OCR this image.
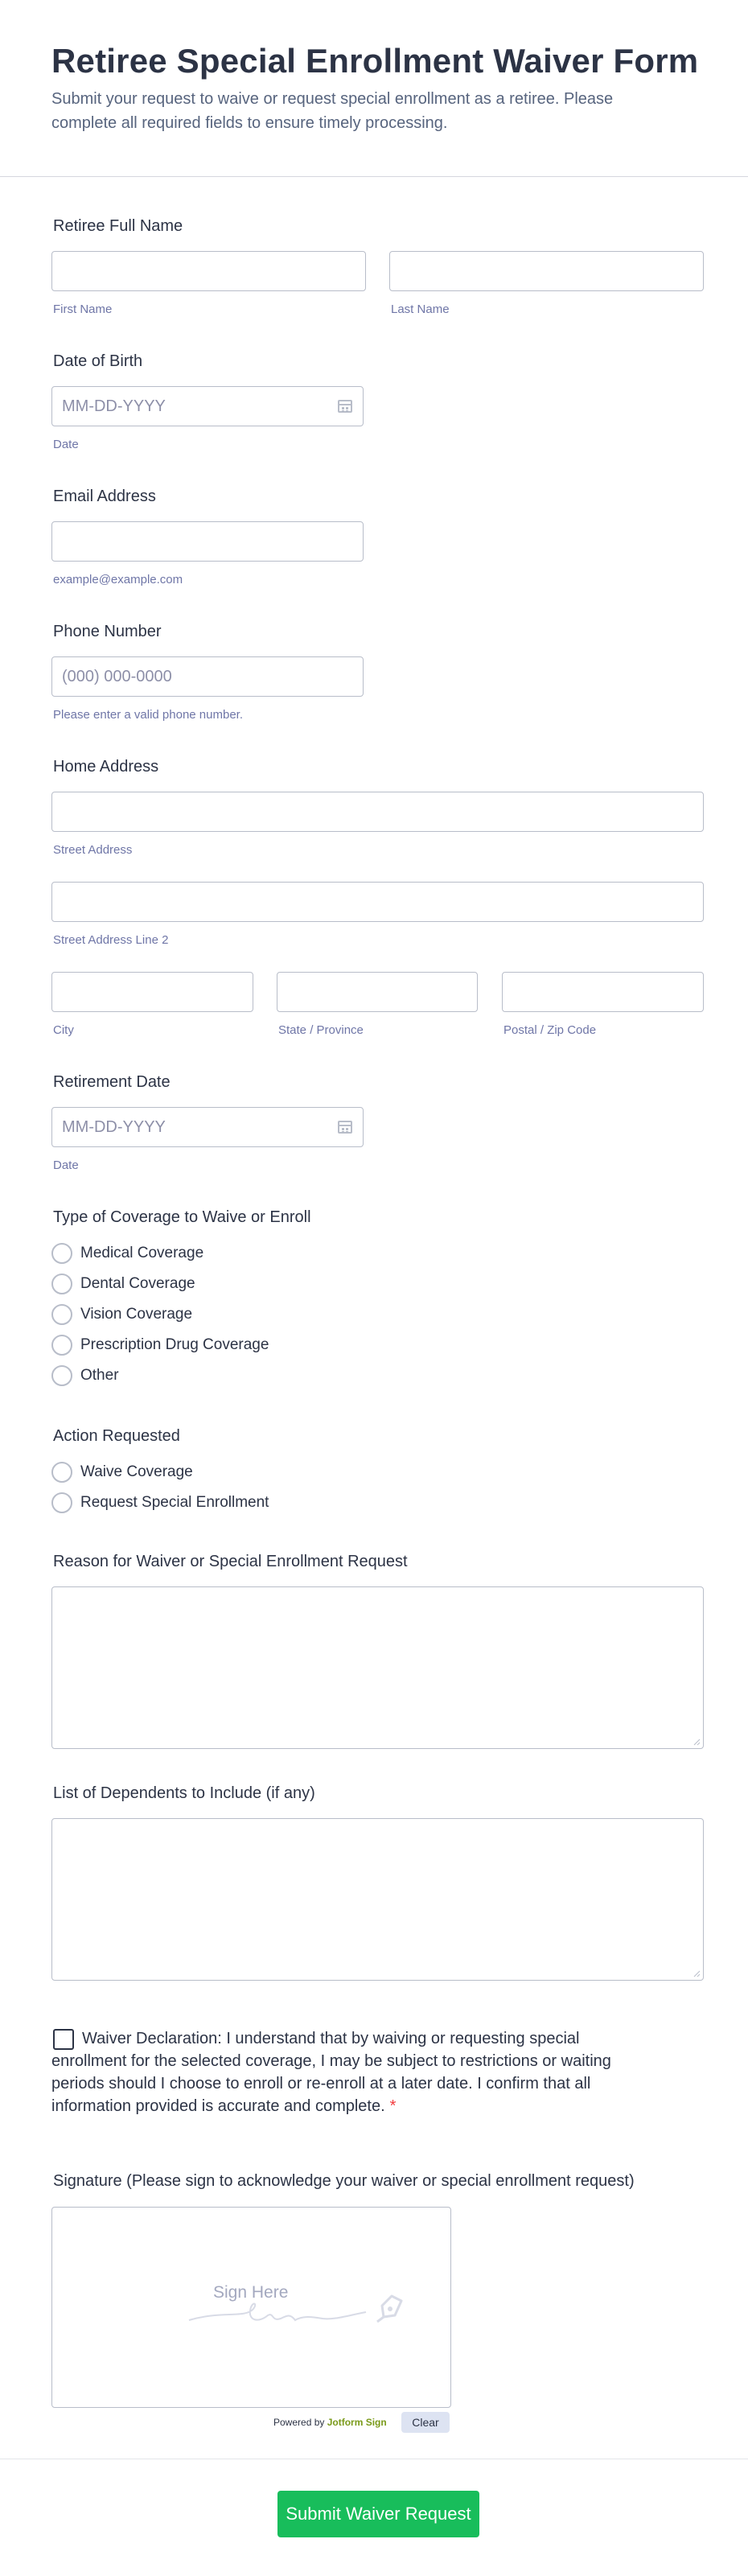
Retiree Special Enrollment Waiver Form

Submit your request to waive or request special enrollment as a retiree. Please complete all required fields to ensure timely processing.

Retiree Full Name
First Name	Last Name
Date of Birth
MM-DD-YYYY
Date
Email Address
example@example.com
Phone Number
(000) 000-0000
Please enter a valid phone number.
Home Address
Street Address
Street Address Line 2
City	State / Province	Postal / Zip Code
Retirement Date
MM-DD-YYYY
Date
Type of Coverage to Waive or Enroll
Medical Coverage
Dental Coverage
Vision Coverage
Prescription Drug Coverage
Other
Action Requested
Waive Coverage
Request Special Enrollment
Reason for Waiver or Special Enrollment Request
List of Dependents to Include (if any)

Waiver Declaration: I understand that by waiving or requesting special enrollment for the selected coverage, I may be subject to restrictions or waiting periods should I choose to enroll or re-enroll at a later date. I confirm that all information provided is accurate and complete. *

Signature (Please sign to acknowledge your waiver or special enrollment request)
Sign Here
Powered by Jotform Sign	Clear
Submit Waiver Request
